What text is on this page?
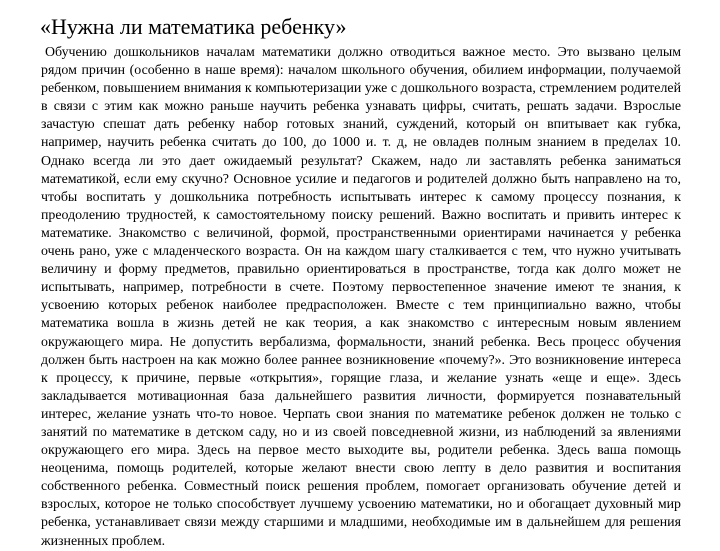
«Нужна ли математика ребенку»

Обучению дошкольников началам математики должно отводиться важное место. Это вызвано целым рядом причин (особенно в наше время): началом школьного обучения, обилием информации, получаемой ребенком, повышением внимания к компьютеризации уже с дошкольного возраста, стремлением родителей в связи с этим как можно раньше научить ребенка узнавать цифры, считать, решать задачи. Взрослые зачастую спешат дать ребенку набор готовых знаний, суждений, который он впитывает как губка, например, научить ребенка считать до 100, до 1000 и. т. д, не овладев полным знанием в пределах 10. Однако всегда ли это дает ожидаемый результат? Скажем, надо ли заставлять ребенка заниматься математикой, если ему скучно? Основное усилие и педагогов и родителей должно быть направлено на то, чтобы воспитать у дошкольника потребность испытывать интерес к самому процессу познания, к преодолению трудностей, к самостоятельному поиску решений. Важно воспитать и привить интерес к математике. Знакомство с величиной, формой, пространственными ориентирами начинается у ребенка очень рано, уже с младенческого возраста. Он на каждом шагу сталкивается с тем, что нужно учитывать величину и форму предметов, правильно ориентироваться в пространстве, тогда как долго может не испытывать, например, потребности в счете. Поэтому первостепенное значение имеют те знания, к усвоению которых ребенок наиболее предрасположен. Вместе с тем принципиально важно, чтобы математика вошла в жизнь детей не как теория, а как знакомство с интересным новым явлением окружающего мира. Не допустить вербализма, формальности, знаний ребенка. Весь процесс обучения должен быть настроен на как можно более раннее возникновение «почему?». Это возникновение интереса к процессу, к причине, первые «открытия», горящие глаза, и желание узнать «еще и еще». Здесь закладывается мотивационная база дальнейшего развития личности, формируется познавательный интерес, желание узнать что-то новое. Черпать свои знания по математике ребенок должен не только с занятий по математике в детском саду, но и из своей повседневной жизни, из наблюдений за явлениями окружающего его мира. Здесь на первое место выходите вы, родители ребенка. Здесь ваша помощь неоценима, помощь родителей, которые желают внести свою лепту в дело развития и воспитания собственного ребенка. Совместный поиск решения проблем, помогает организовать обучение детей и взрослых, которое не только способствует лучшему усвоению математики, но и обогащает духовный мир ребенка, устанавливает связи между старшими и младшими, необходимые им в дальнейшем для решения жизненных проблем.
